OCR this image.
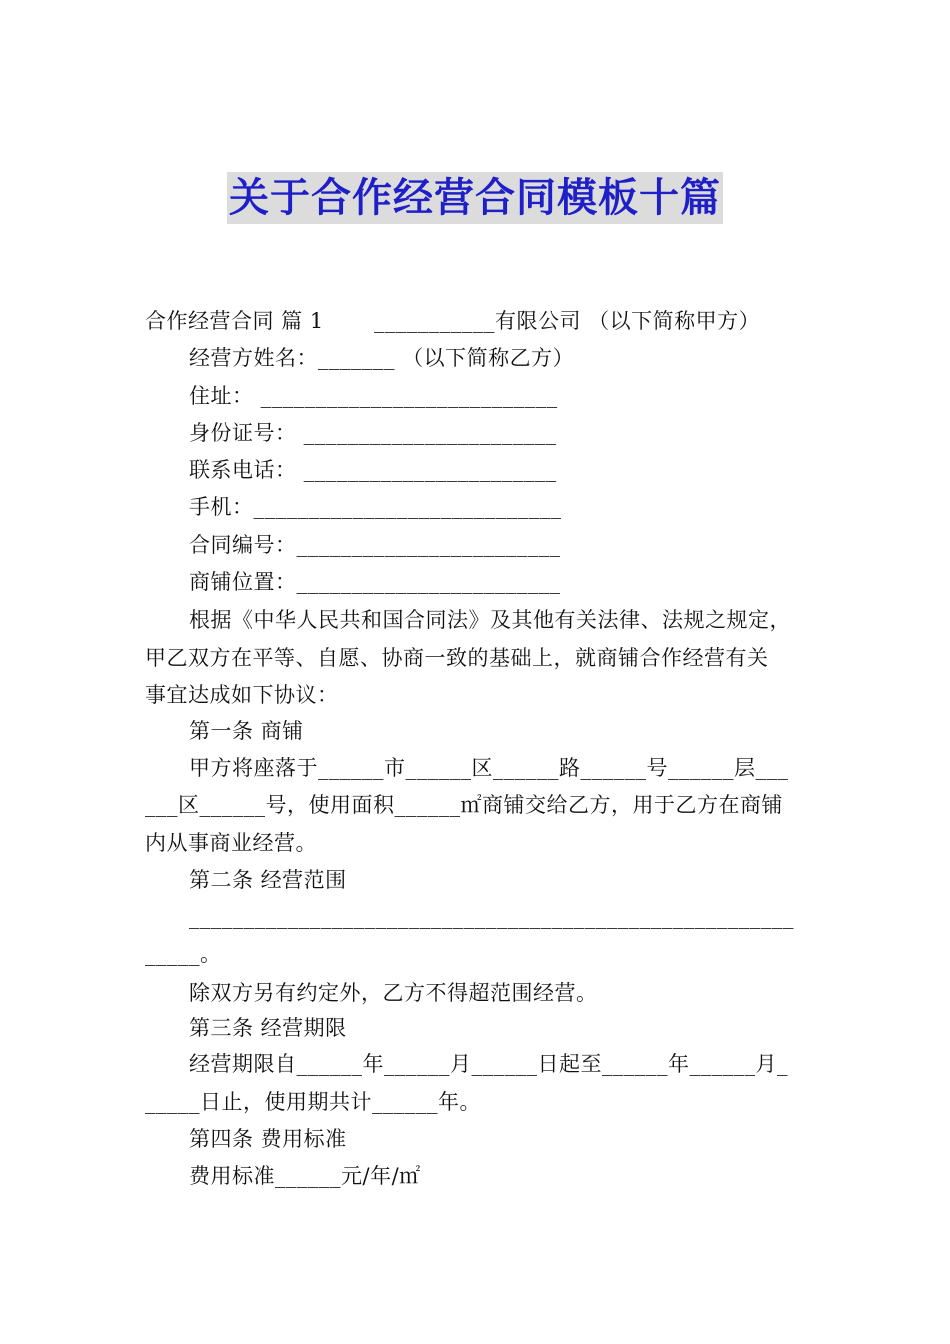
关于合作经营合同模板十篇
合作经营合同 篇 1       ___________有限公司 （以下简称甲方）
经营方姓名：_______ （以下简称乙方）
住址： ___________________________
身份证号： _______________________
联系电话： _______________________
手机：____________________________
合同编号：________________________
商铺位置：________________________
根据《中华人民共和国合同法》及其他有关法律、法规之规定，
甲乙双方在平等、自愿、协商一致的基础上，就商铺合作经营有关
事宜达成如下协议：
第一条 商铺
甲方将座落于______市______区______路______号______层___
___区______号，使用面积______㎡商铺交给乙方，用于乙方在商铺
内从事商业经营。
第二条 经营范围
_______________________________________________________
_____。
除双方另有约定外，乙方不得超范围经营。
第三条 经营期限
经营期限自______年______月______日起至______年______月_
_____日止，使用期共计______年。
第四条 费用标准
费用标准______元/年/㎡
